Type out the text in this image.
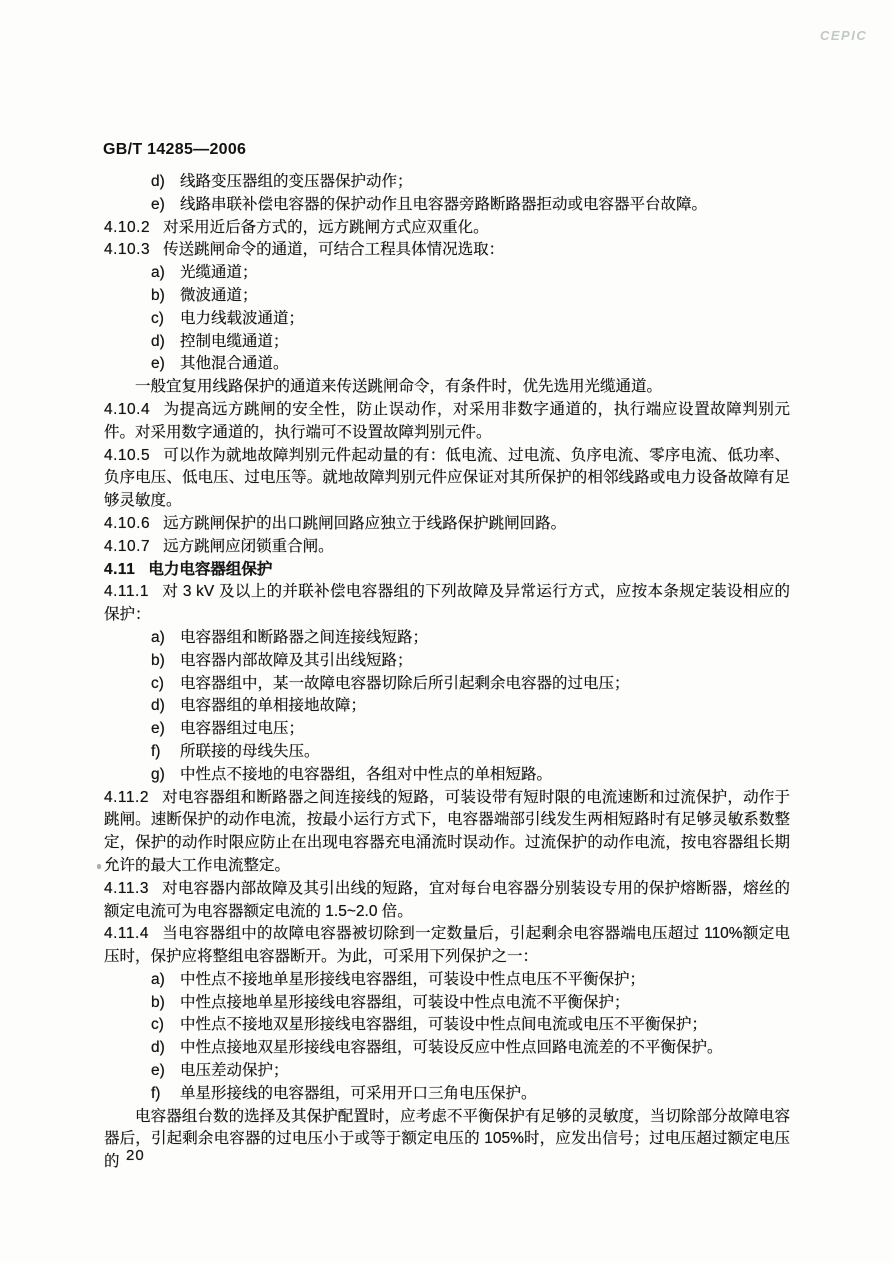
CEPIC
GB/T 14285—2006

d) 线路变压器组的变压器保护动作；

e) 线路串联补偿电容器的保护动作且电容器旁路断路器拒动或电容器平台故障。

4.10.2 对采用近后备方式的，远方跳闸方式应双重化。

4.10.3 传送跳闸命令的通道，可结合工程具体情况选取：

a) 光缆通道；

b) 微波通道；

c) 电力线载波通道；

d) 控制电缆通道；

e) 其他混合通道。

一般宜复用线路保护的通道来传送跳闸命令，有条件时，优先选用光缆通道。

4.10.4 为提高远方跳闸的安全性，防止误动作，对采用非数字通道的，执行端应设置故障判别元件。对采用数字通道的，执行端可不设置故障判别元件。

4.10.5 可以作为就地故障判别元件起动量的有：低电流、过电流、负序电流、零序电流、低功率、负序电压、低电压、过电压等。就地故障判别元件应保证对其所保护的相邻线路或电力设备故障有足够灵敏度。

4.10.6 远方跳闸保护的出口跳闸回路应独立于线路保护跳闸回路。

4.10.7 远方跳闸应闭锁重合闸。

4.11 电力电容器组保护

4.11.1 对 3 kV 及以上的并联补偿电容器组的下列故障及异常运行方式，应按本条规定装设相应的保护：

a) 电容器组和断路器之间连接线短路；

b) 电容器内部故障及其引出线短路；

c) 电容器组中，某一故障电容器切除后所引起剩余电容器的过电压；

d) 电容器组的单相接地故障；

e) 电容器组过电压；

f) 所联接的母线失压。

g) 中性点不接地的电容器组，各组对中性点的单相短路。

4.11.2 对电容器组和断路器之间连接线的短路，可装设带有短时限的电流速断和过流保护，动作于跳闸。速断保护的动作电流，按最小运行方式下，电容器端部引线发生两相短路时有足够灵敏系数整定，保护的动作时限应防止在出现电容器充电涌流时误动作。过流保护的动作电流，按电容器组长期允许的最大工作电流整定。

4.11.3 对电容器内部故障及其引出线的短路，宜对每台电容器分别装设专用的保护熔断器，熔丝的额定电流可为电容器额定电流的 1.5~2.0 倍。

4.11.4 当电容器组中的故障电容器被切除到一定数量后，引起剩余电容器端电压超过 110%额定电压时，保护应将整组电容器断开。为此，可采用下列保护之一：

a) 中性点不接地单星形接线电容器组，可装设中性点电压不平衡保护；

b) 中性点接地单星形接线电容器组，可装设中性点电流不平衡保护；

c) 中性点不接地双星形接线电容器组，可装设中性点间电流或电压不平衡保护；

d) 中性点接地双星形接线电容器组，可装设反应中性点回路电流差的不平衡保护。

e) 电压差动保护；

f) 单星形接线的电容器组，可采用开口三角电压保护。

电容器组台数的选择及其保护配置时，应考虑不平衡保护有足够的灵敏度，当切除部分故障电容器后，引起剩余电容器的过电压小于或等于额定电压的 105%时，应发出信号；过电压超过额定电压的 20
